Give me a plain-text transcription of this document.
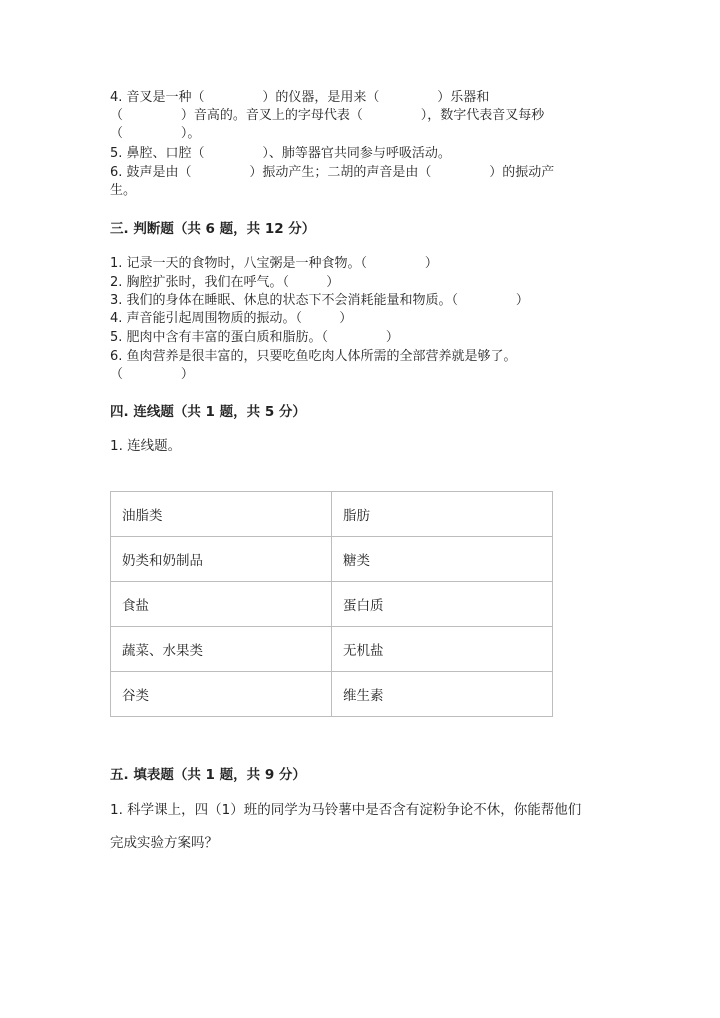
4. 音叉是一种（              ）的仪器，是用来（              ）乐器和
（              ）音高的。音叉上的字母代表（              ），数字代表音叉每秒
（              ）。
5. 鼻腔、口腔（              ）、肺等器官共同参与呼吸活动。
6. 鼓声是由（              ）振动产生；二胡的声音是由（              ）的振动产
生。
三. 判断题（共 6 题，共 12 分）
1. 记录一天的食物时，八宝粥是一种食物。（              ）
2. 胸腔扩张时，我们在呼气。（         ）
3. 我们的身体在睡眠、休息的状态下不会消耗能量和物质。（              ）
4. 声音能引起周围物质的振动。（         ）
5. 肥肉中含有丰富的蛋白质和脂肪。（              ）
6. 鱼肉营养是很丰富的，只要吃鱼吃肉人体所需的全部营养就是够了。
（              ）
四. 连线题（共 1 题，共 5 分）
1. 连线题。
油脂类	脂肪
奶类和奶制品	糖类
食盐	蛋白质
蔬菜、水果类	无机盐
谷类	维生素
五. 填表题（共 1 题，共 9 分）
1. 科学课上，四（1）班的同学为马铃薯中是否含有淀粉争论不休，你能帮他们
完成实验方案吗？
